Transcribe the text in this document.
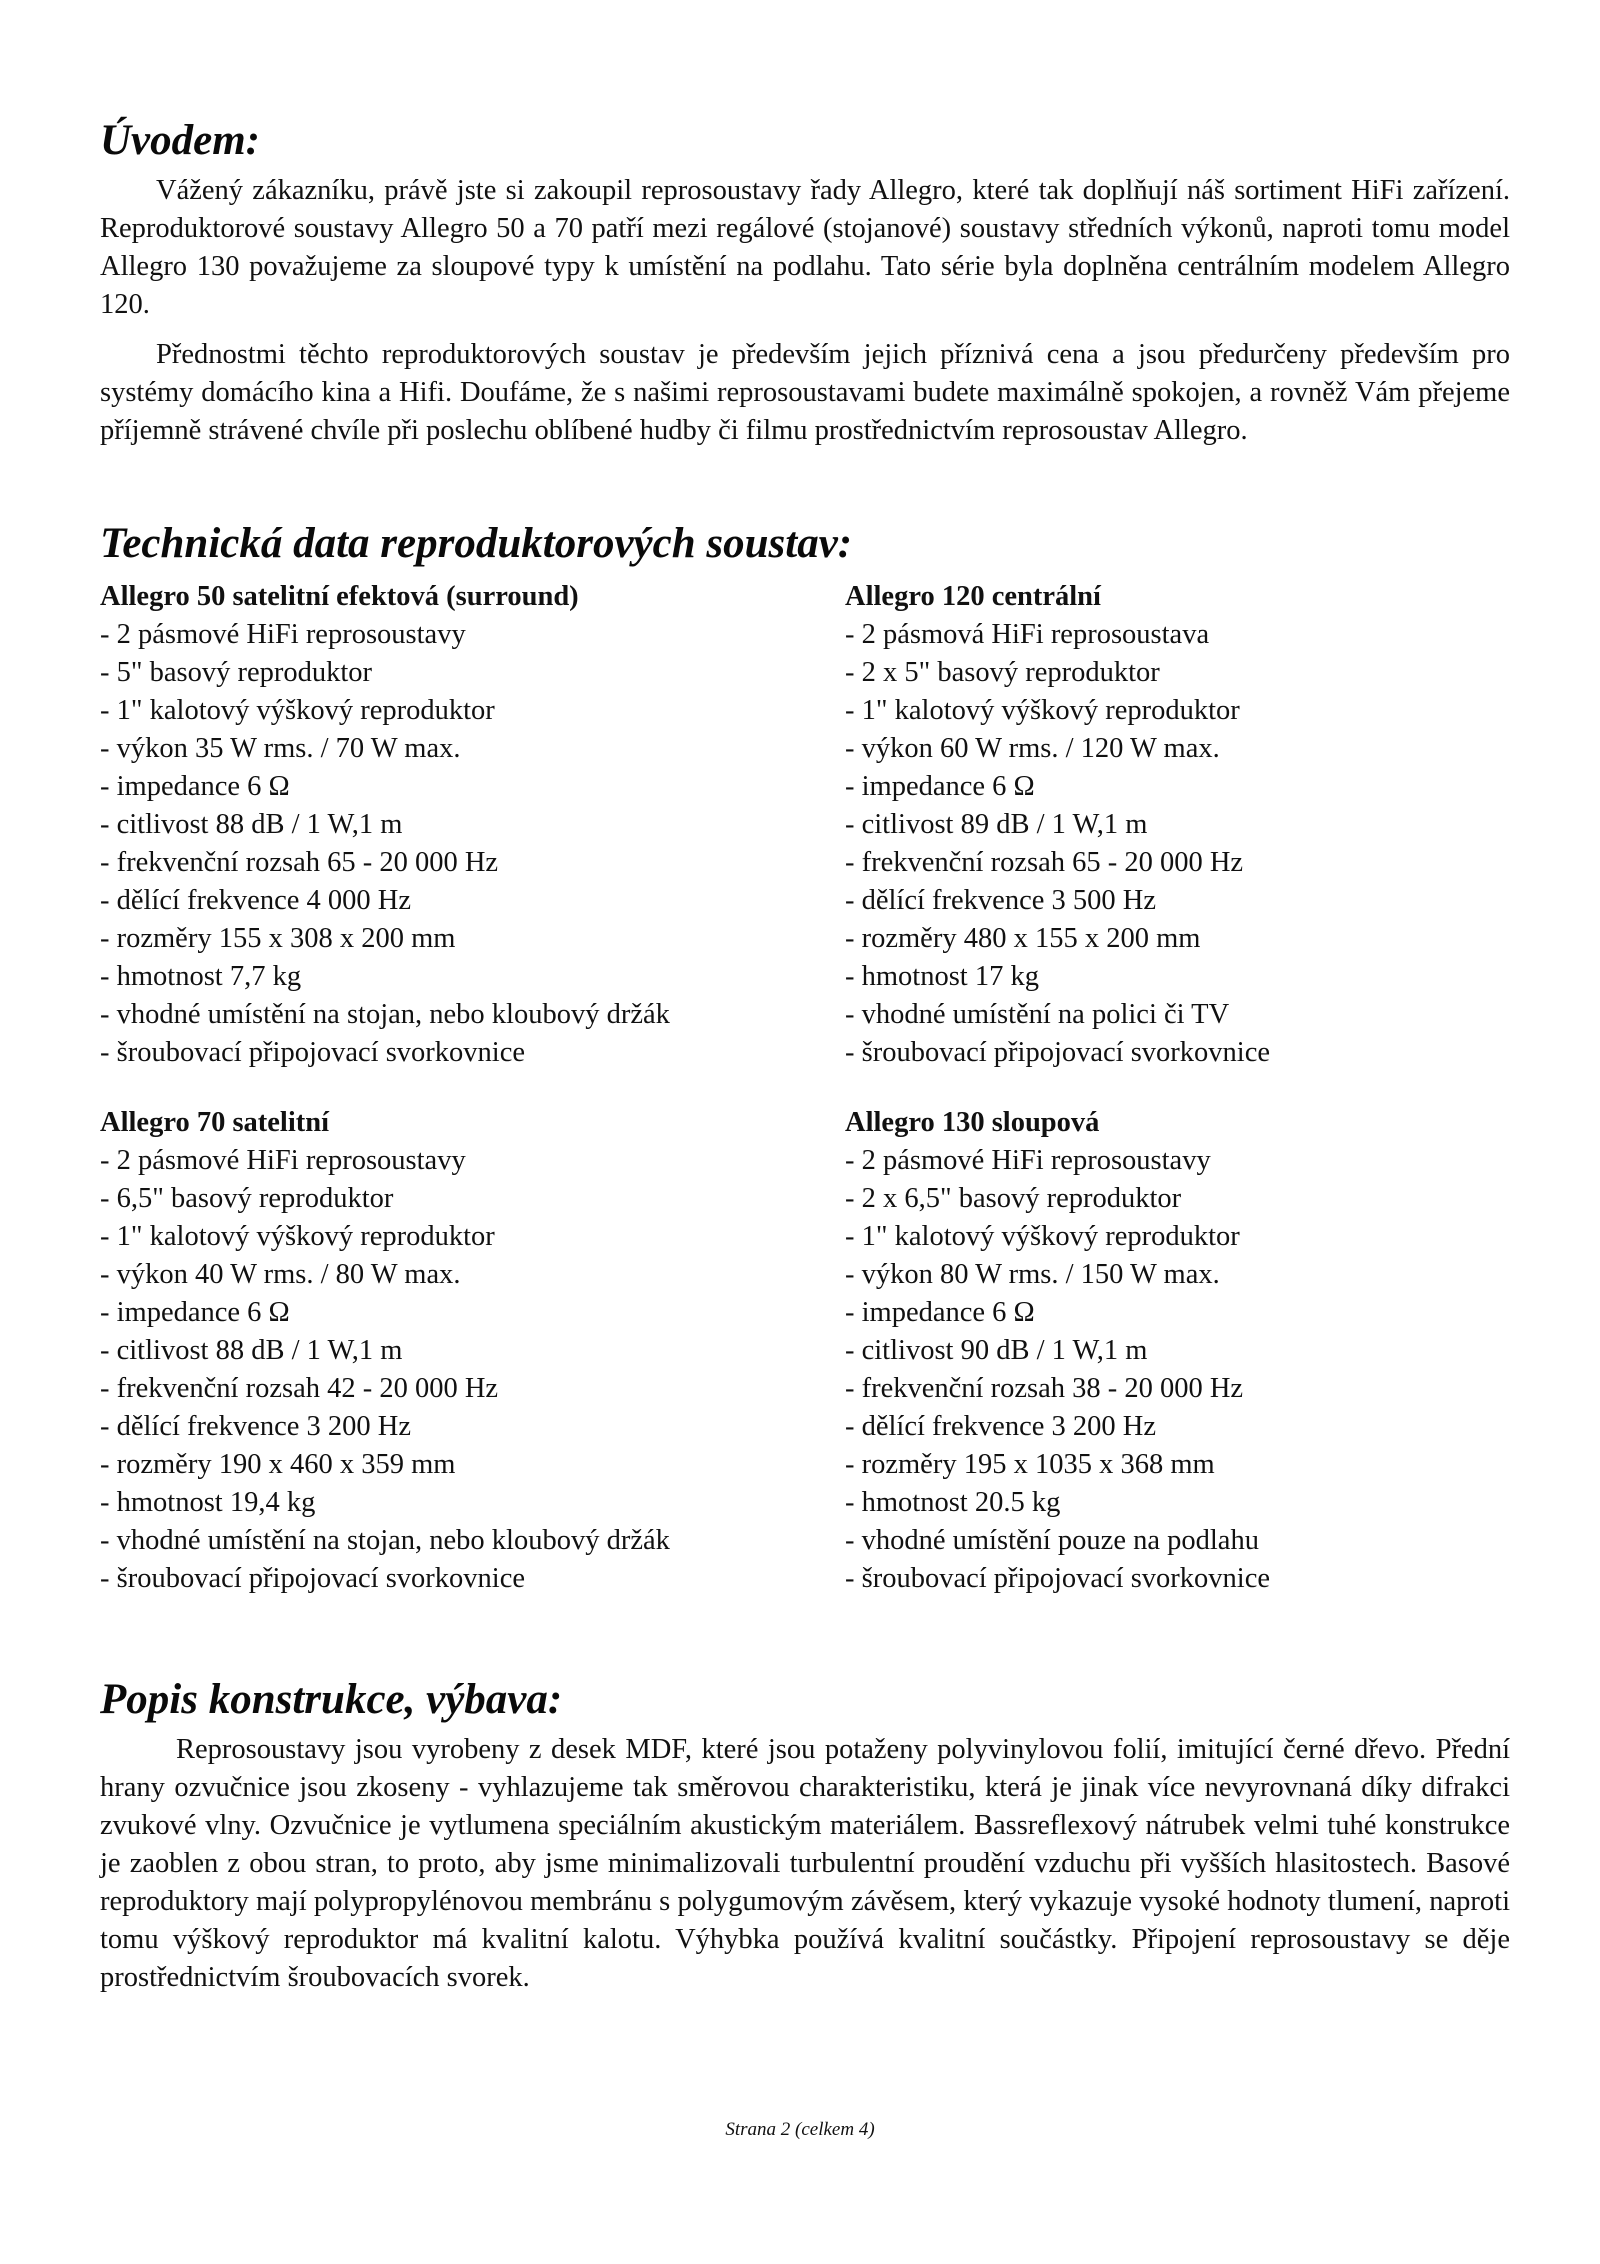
Úvodem:

Vážený zákazníku, právě jste si zakoupil reprosoustavy řady Allegro, které tak doplňují náš sortiment HiFi zařízení. Reproduktorové soustavy Allegro 50 a 70 patří mezi regálové (stojanové) soustavy středních výkonů, naproti tomu model Allegro 130 považujeme za sloupové typy k umístění na podlahu. Tato série byla doplněna centrálním modelem Allegro 120.

Přednostmi těchto reproduktorových soustav je především jejich příznivá cena a jsou předurčeny především pro systémy domácího kina a Hifi. Doufáme, že s našimi reprosoustavami budete maximálně spokojen, a rovněž Vám přejeme příjemně strávené chvíle při poslechu oblíbené hudby či filmu prostřednictvím reprosoustav Allegro.

Technická data reproduktorových soustav:

Allegro 50 satelitní efektová (surround)

- 2 pásmové HiFi reprosoustavy
- 5" basový reproduktor
- 1" kalotový výškový reproduktor
- výkon 35 W rms. / 70 W max.
- impedance 6 Ω
- citlivost 88 dB / 1 W,1 m
- frekvenční rozsah 65 - 20 000 Hz
- dělící frekvence 4 000 Hz
- rozměry 155 x 308 x 200 mm
- hmotnost 7,7 kg
- vhodné umístění na stojan, nebo kloubový držák
- šroubovací připojovací svorkovnice

Allegro 120 centrální

- 2 pásmová HiFi reprosoustava
- 2 x 5" basový reproduktor
- 1" kalotový výškový reproduktor
- výkon 60 W rms. / 120 W max.
- impedance 6 Ω
- citlivost 89 dB / 1 W,1 m
- frekvenční rozsah 65 - 20 000 Hz
- dělící frekvence 3 500 Hz
- rozměry 480 x 155 x 200 mm
- hmotnost 17 kg
- vhodné umístění na polici či TV
- šroubovací připojovací svorkovnice

Allegro 70 satelitní

- 2 pásmové HiFi reprosoustavy
- 6,5" basový reproduktor
- 1" kalotový výškový reproduktor
- výkon 40 W rms. / 80 W max.
- impedance 6 Ω
- citlivost 88 dB / 1 W,1 m
- frekvenční rozsah 42 - 20 000 Hz
- dělící frekvence 3 200 Hz
- rozměry 190 x 460 x 359 mm
- hmotnost 19,4 kg
- vhodné umístění na stojan, nebo kloubový držák
- šroubovací připojovací svorkovnice

Allegro 130 sloupová

- 2 pásmové HiFi reprosoustavy
- 2 x 6,5" basový reproduktor
- 1" kalotový výškový reproduktor
- výkon 80 W rms. / 150 W max.
- impedance 6 Ω
- citlivost 90 dB / 1 W,1 m
- frekvenční rozsah 38 - 20 000 Hz
- dělící frekvence 3 200 Hz
- rozměry 195 x 1035 x 368 mm
- hmotnost 20.5 kg
- vhodné umístění pouze na podlahu
- šroubovací připojovací svorkovnice
Popis konstrukce, výbava:

Reprosoustavy jsou vyrobeny z desek MDF, které jsou potaženy polyvinylovou folií, imitující černé dřevo. Přední hrany ozvučnice jsou zkoseny - vyhlazujeme tak směrovou charakteristiku, která je jinak více nevyrovnaná díky difrakci zvukové vlny. Ozvučnice je vytlumena speciálním akustickým materiálem. Bassreflexový nátrubek velmi tuhé konstrukce je zaoblen z obou stran, to proto, aby jsme minimalizovali turbulentní proudění vzduchu při vyšších hlasitostech. Basové reproduktory mají polypropylénovou membránu s polygumovým závěsem, který vykazuje vysoké hodnoty tlumení, naproti tomu výškový reproduktor má kvalitní kalotu. Výhybka používá kvalitní součástky. Připojení reprosoustavy se děje prostřednictvím šroubovacích svorek.

Strana 2 (celkem 4)
